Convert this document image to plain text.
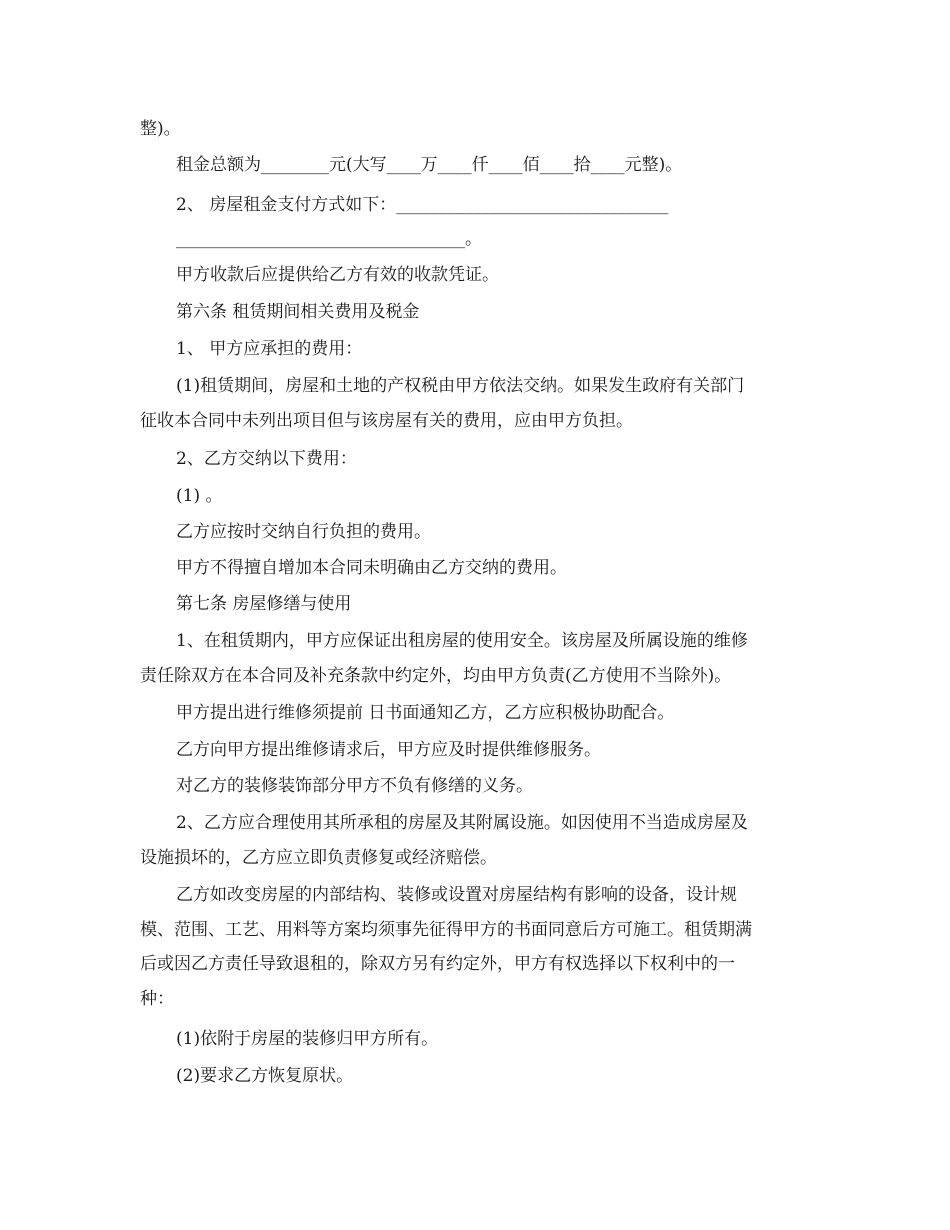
整)。

租金总额为________元(大写____万____仟____佰____拾____元整)。

2、 房屋租金支付方式如下：________________________________

__________________________________。

甲方收款后应提供给乙方有效的收款凭证。

第六条 租赁期间相关费用及税金

1、 甲方应承担的费用：

(1)租赁期间，房屋和土地的产权税由甲方依法交纳。如果发生政府有关部门
征收本合同中未列出项目但与该房屋有关的费用，应由甲方负担。

2、乙方交纳以下费用：

(1) 。

乙方应按时交纳自行负担的费用。

甲方不得擅自增加本合同未明确由乙方交纳的费用。

第七条 房屋修缮与使用

1、在租赁期内，甲方应保证出租房屋的使用安全。该房屋及所属设施的维修
责任除双方在本合同及补充条款中约定外，均由甲方负责(乙方使用不当除外)。

甲方提出进行维修须提前 日书面通知乙方，乙方应积极协助配合。

乙方向甲方提出维修请求后，甲方应及时提供维修服务。

对乙方的装修装饰部分甲方不负有修缮的义务。

2、乙方应合理使用其所承租的房屋及其附属设施。如因使用不当造成房屋及
设施损坏的，乙方应立即负责修复或经济赔偿。

乙方如改变房屋的内部结构、装修或设置对房屋结构有影响的设备，设计规
模、范围、工艺、用料等方案均须事先征得甲方的书面同意后方可施工。租赁期满
后或因乙方责任导致退租的，除双方另有约定外，甲方有权选择以下权利中的一
种：

(1)依附于房屋的装修归甲方所有。

(2)要求乙方恢复原状。
